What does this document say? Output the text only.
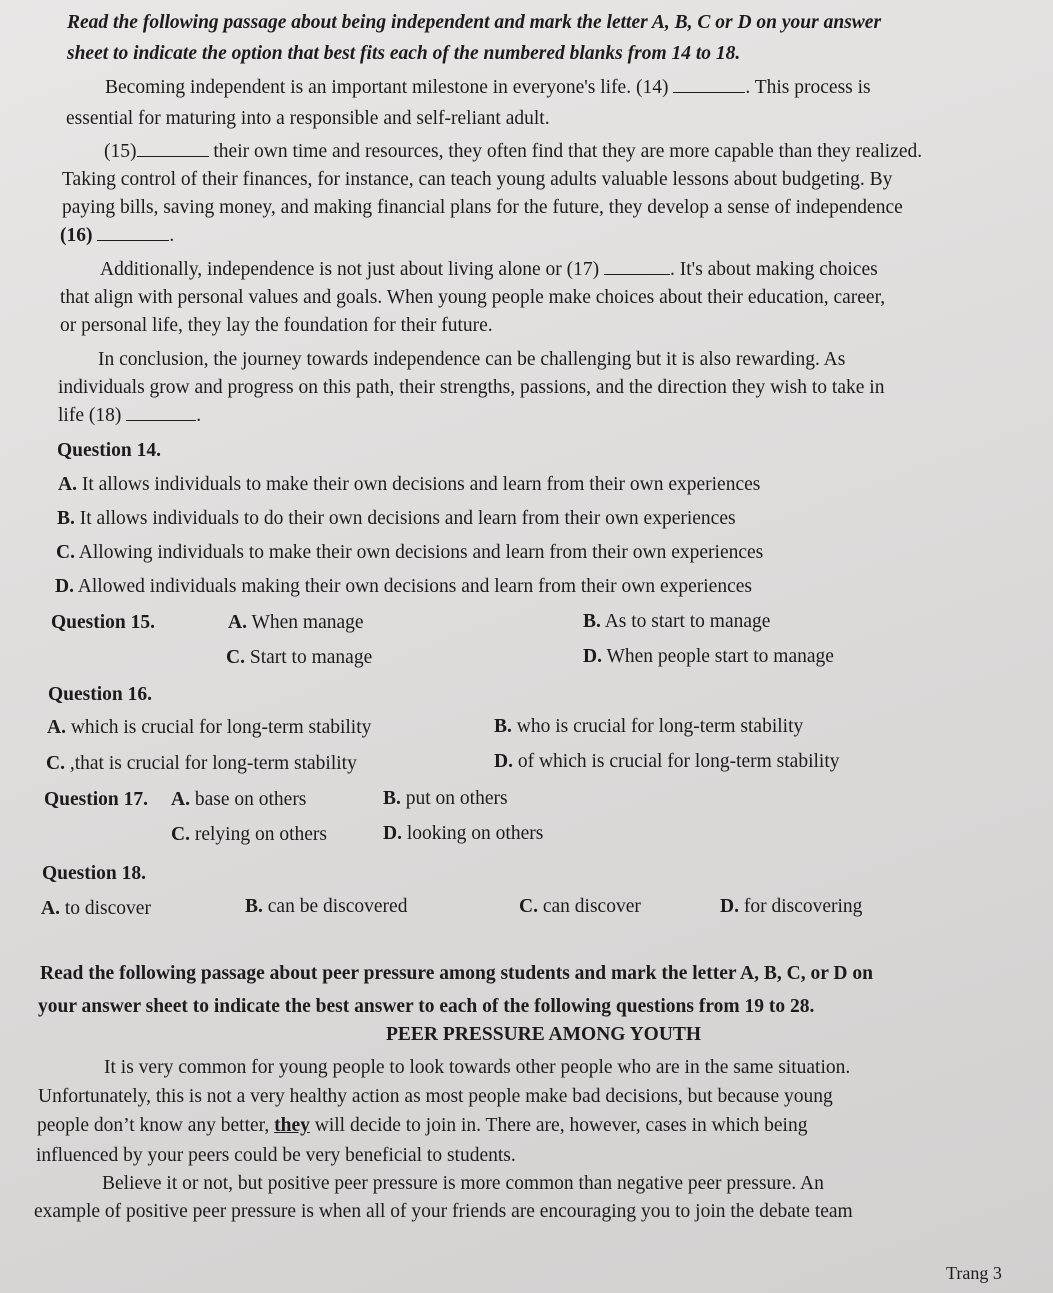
Read the following passage about being independent and mark the letter A, B, C or D on your answer
sheet to indicate the option that best fits each of the numbered blanks from 14 to 18.
Becoming independent is an important milestone in everyone's life. (14)	. This process is
essential for maturing into a responsible and self-reliant adult.
(15)	their own time and resources, they often find that they are more capable than they realized.
Taking control of their finances, for instance, can teach young adults valuable lessons about budgeting. By
paying bills, saving money, and making financial plans for the future, they develop a sense of independence
(16)	.
Additionally, independence is not just about living alone or (17)	. It's about making choices
that align with personal values and goals. When young people make choices about their education, career,
or personal life, they lay the foundation for their future.
In conclusion, the journey towards independence can be challenging but it is also rewarding. As
individuals grow and progress on this path, their strengths, passions, and the direction they wish to take in
life (18)	.
Question 14.
A. It allows individuals to make their own decisions and learn from their own experiences
B. It allows individuals to do their own decisions and learn from their own experiences
C. Allowing individuals to make their own decisions and learn from their own experiences
D. Allowed individuals making their own decisions and learn from their own experiences
Question 15.	A. When manage	B. As to start to manage
C. Start to manage	D. When people start to manage
Question 16.
A. which is crucial for long-term stability	B. who is crucial for long-term stability
C. ,that is crucial for long-term stability	D. of which is crucial for long-term stability
Question 17. A. base on others	B. put on others
C. relying on others	D. looking on others
Question 18.
A. to discover	B. can be discovered	C. can discover	D. for discovering
Read the following passage about peer pressure among students and mark the letter A, B, C, or D on
your answer sheet to indicate the best answer to each of the following questions from 19 to 28.
PEER PRESSURE AMONG YOUTH
It is very common for young people to look towards other people who are in the same situation.
Unfortunately, this is not a very healthy action as most people make bad decisions, but because young
people don’t know any better, they will decide to join in. There are, however, cases in which being
influenced by your peers could be very beneficial to students.
Believe it or not, but positive peer pressure is more common than negative peer pressure. An
example of positive peer pressure is when all of your friends are encouraging you to join the debate team
Trang 3
